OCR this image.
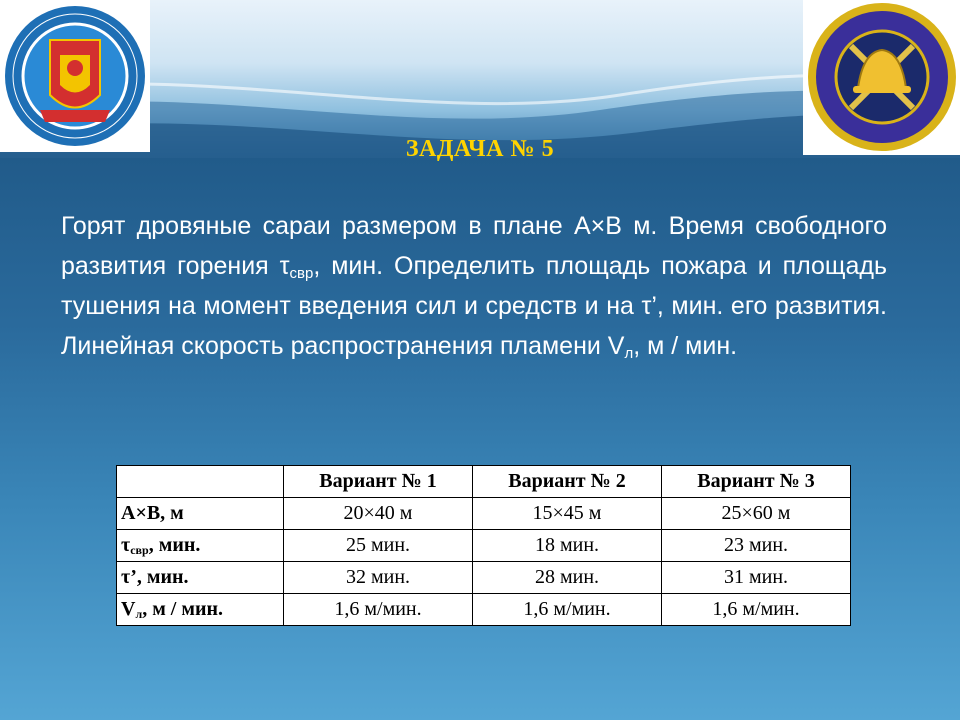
ЗАДАЧА № 5
Горят дровяные сараи размером в плане А×В м. Время свободного развития горения $\tau_{свр}$, мин. Определить площадь пожара и площадь тушения на момент введения сил и средств и на τ’, мин. его развития. Линейная скорость распространения пламени $V_л$, м / мин.
	Вариант № 1	Вариант № 2	Вариант № 3
А×В, м	20×40 м	15×45 м	25×60 м
$\tau_{свр}$, мин.	25 мин.	18 мин.	23 мин.
τ’, мин.	32 мин.	28 мин.	31 мин.
$V_л$, м / мин.	1,6 м/мин.	1,6 м/мин.	1,6 м/мин.
